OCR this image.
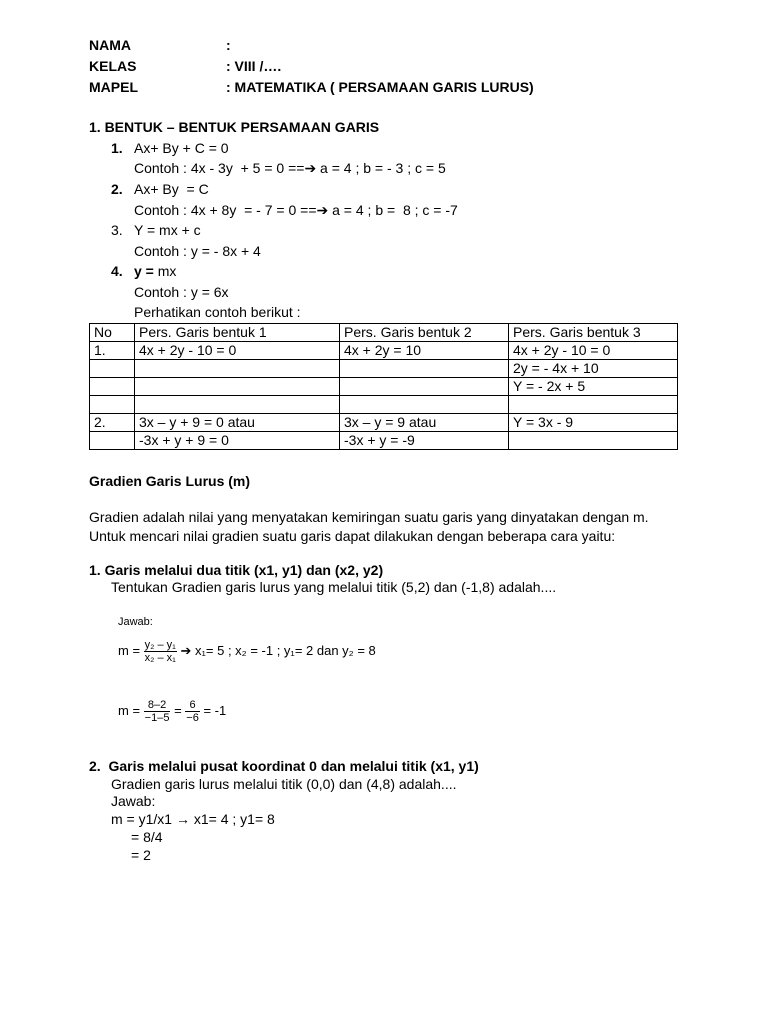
NAMA	:
KELAS	: VIII /….
MAPEL	: MATEMATIKA ( PERSAMAAN GARIS LURUS)
1. BENTUK – BENTUK PERSAMAAN GARIS
1. Ax+ By + C = 0
Contoh : 4x - 3y  + 5 = 0 ==➔ a = 4 ; b = - 3 ; c = 5
2. Ax+ By  = C
Contoh : 4x + 8y  = - 7 = 0 ==➔ a = 4 ; b =  8 ; c = -7
3. Y = mx + c
Contoh : y = - 8x + 4
4. y = mx
Contoh : y = 6x
Perhatikan contoh berikut :
No	Pers. Garis bentuk 1	Pers. Garis bentuk 2	Pers. Garis bentuk 3
1.	4x + 2y - 10 = 0	4x + 2y = 10	4x + 2y - 10 = 0
			2y = - 4x + 10
			Y = - 2x + 5

2.	3x – y + 9 = 0 atau	3x – y = 9 atau	Y = 3x - 9
	-3x + y + 9 = 0	-3x + y = -9	
Gradien Garis Lurus (m)
Gradien adalah nilai yang menyatakan kemiringan suatu garis yang dinyatakan dengan m.
Untuk mencari nilai gradien suatu garis dapat dilakukan dengan beberapa cara yaitu:
1. Garis melalui dua titik (x1, y1) dan (x2, y2)
Tentukan Gradien garis lurus yang melalui titik (5,2) dan (-1,8) adalah....
Jawab:
$m = \frac{\text{y₂ – y₁}}{\text{x₂ – x₁}}$ ➔ x₁= 5 ; x₂ = -1 ; y₁= 2 dan y₂ = 8
$m = \frac{8-2}{-1-5} = \frac{6}{-6} = -1$
2.  Garis melalui pusat koordinat 0 dan melalui titik (x1, y1)
Gradien garis lurus melalui titik (0,0) dan (4,8) adalah....
Jawab:
m = y1/x1 → x1= 4 ; y1= 8
= 8/4
= 2
